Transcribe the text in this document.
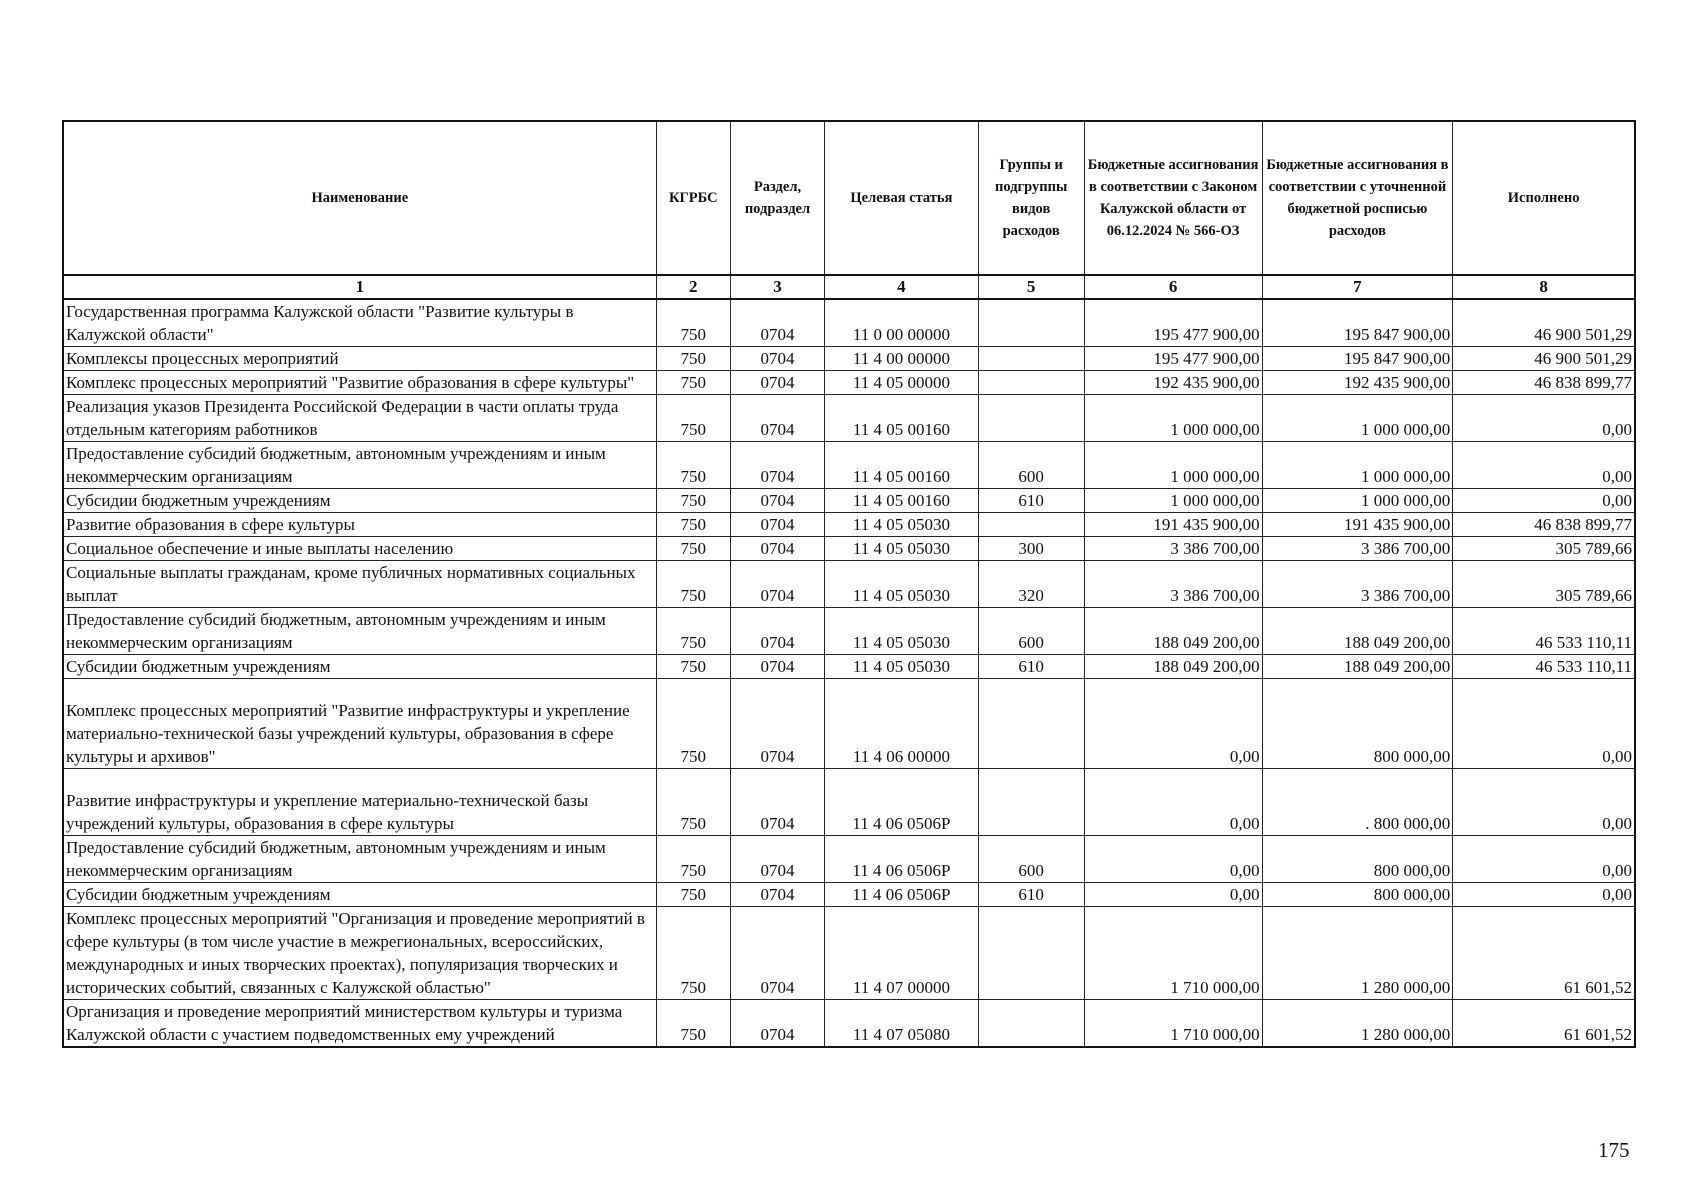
Наименование	КГРБС	Раздел, подраздел	Целевая статья	Группы и подгруппы видов расходов	Бюджетные ассигнования в соответствии с Законом Калужской области от 06.12.2024 № 566-ОЗ	Бюджетные ассигнования в соответствии с уточненной бюджетной росписью расходов	Исполнено
1	2	3	4	5	6	7	8
Государственная программа Калужской области "Развитие культуры в Калужской области"	750	0704	11 0 00 00000		195 477 900,00	195 847 900,00	46 900 501,29
Комплексы процессных мероприятий	750	0704	11 4 00 00000		195 477 900,00	195 847 900,00	46 900 501,29
Комплекс процессных мероприятий "Развитие образования в сфере культуры"	750	0704	11 4 05 00000		192 435 900,00	192 435 900,00	46 838 899,77
Реализация указов Президента Российской Федерации в части оплаты труда отдельным категориям работников	750	0704	11 4 05 00160		1 000 000,00	1 000 000,00	0,00
Предоставление субсидий бюджетным, автономным учреждениям и иным некоммерческим организациям	750	0704	11 4 05 00160	600	1 000 000,00	1 000 000,00	0,00
Субсидии бюджетным учреждениям	750	0704	11 4 05 00160	610	1 000 000,00	1 000 000,00	0,00
Развитие образования в сфере культуры	750	0704	11 4 05 05030		191 435 900,00	191 435 900,00	46 838 899,77
Социальное обеспечение и иные выплаты населению	750	0704	11 4 05 05030	300	3 386 700,00	3 386 700,00	305 789,66
Социальные выплаты гражданам, кроме публичных нормативных социальных выплат	750	0704	11 4 05 05030	320	3 386 700,00	3 386 700,00	305 789,66
Предоставление субсидий бюджетным, автономным учреждениям и иным некоммерческим организациям	750	0704	11 4 05 05030	600	188 049 200,00	188 049 200,00	46 533 110,11
Субсидии бюджетным учреждениям	750	0704	11 4 05 05030	610	188 049 200,00	188 049 200,00	46 533 110,11
Комплекс процессных мероприятий "Развитие инфраструктуры и укрепление материально-технической базы учреждений культуры, образования в сфере культуры и архивов"	750	0704	11 4 06 00000		0,00	800 000,00	0,00
Развитие инфраструктуры и укрепление материально-технической базы учреждений культуры, образования в сфере культуры	750	0704	11 4 06 0506Р		0,00	. 800 000,00	0,00
Предоставление субсидий бюджетным, автономным учреждениям и иным некоммерческим организациям	750	0704	11 4 06 0506Р	600	0,00	800 000,00	0,00
Субсидии бюджетным учреждениям	750	0704	11 4 06 0506Р	610	0,00	800 000,00	0,00
Комплекс процессных мероприятий "Организация и проведение мероприятий в сфере культуры (в том числе участие в межрегиональных, всероссийских, международных и иных творческих проектах), популяризация творческих и исторических событий, связанных с Калужской областью"	750	0704	11 4 07 00000		1 710 000,00	1 280 000,00	61 601,52
Организация и проведение мероприятий министерством культуры и туризма Калужской области с участием подведомственных ему учреждений	750	0704	11 4 07 05080		1 710 000,00	1 280 000,00	61 601,52
175
